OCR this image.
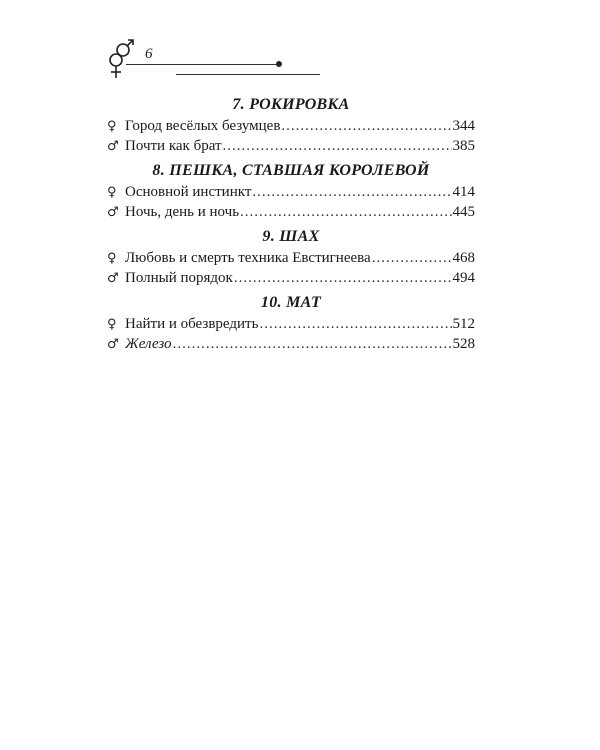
6
7. РОКИРОВКА
♀ Город весёлых безумцев .....	344
♂ Почти как брат .....	385
8. ПЕШКА, СТАВШАЯ КОРОЛЕВОЙ
♀ Основной инстинкт .....	414
♂ Ночь, день и ночь .....	445
9. ШАХ
♀ Любовь и смерть техника Евстигнеева .....	468
♂ Полный порядок .....	494
10. МАТ
♀ Найти и обезвредить .....	512
♂ Железо .....	528
